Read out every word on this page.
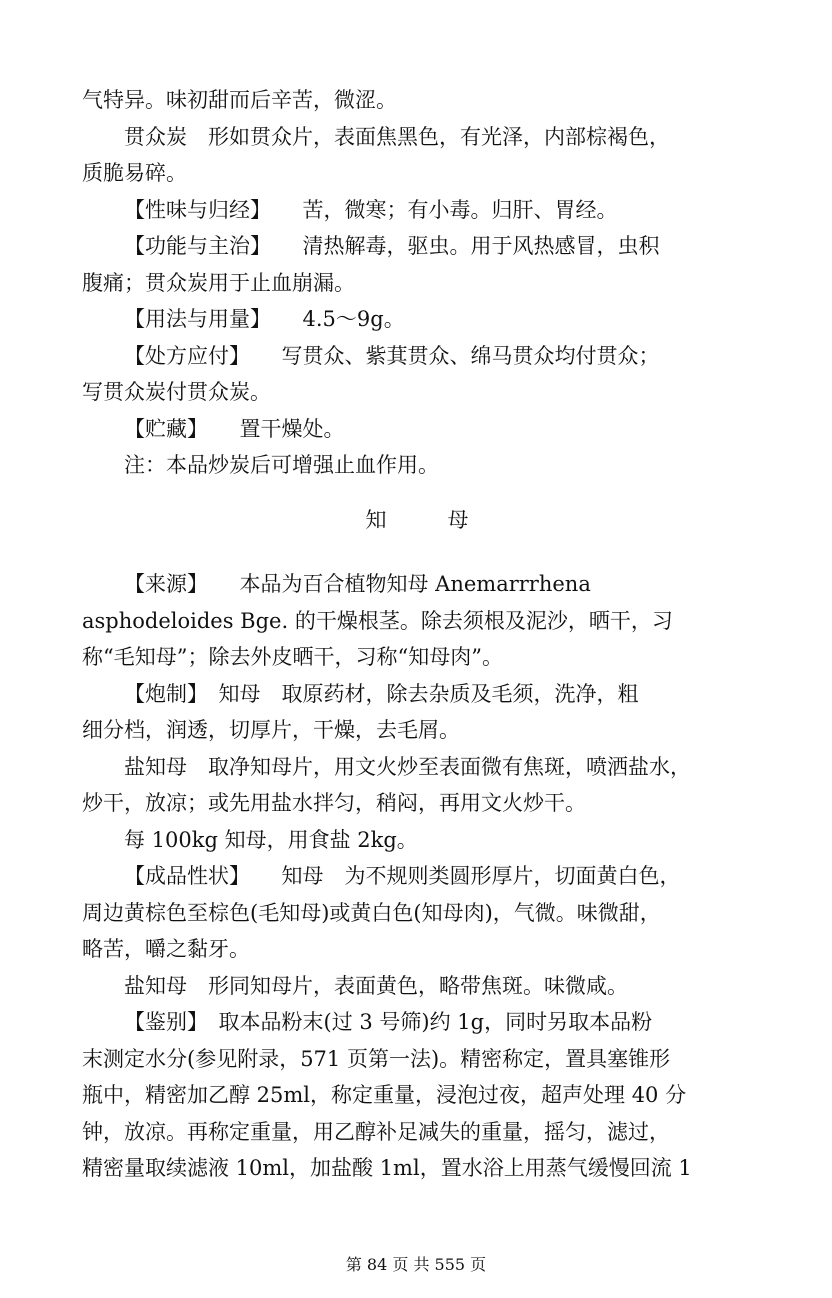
气特异。味初甜而后辛苦，微涩。
贯众炭　形如贯众片，表面焦黑色，有光泽，内部棕褐色，
质脆易碎。
【性味与归经】　　苦，微寒；有小毒。归肝、胃经。
【功能与主治】　　清热解毒，驱虫。用于风热感冒，虫积
腹痛；贯众炭用于止血崩漏。
【用法与用量】　　4.5～9g。
【处方应付】　　写贯众、紫萁贯众、绵马贯众均付贯众；
写贯众炭付贯众炭。
【贮藏】　　置干燥处。
注：本品炒炭后可增强止血作用。
知　母
【来源】　　本品为百合植物知母 Anemarrrhena
asphodeloides Bge. 的干燥根茎。除去须根及泥沙，晒干，习
称“毛知母”；除去外皮晒干，习称“知母肉”。
【炮制】　知母　取原药材，除去杂质及毛须，洗净，粗
细分档，润透，切厚片，干燥，去毛屑。
盐知母　取净知母片，用文火炒至表面微有焦斑，喷洒盐水，
炒干，放凉；或先用盐水拌匀，稍闷，再用文火炒干。
每 100kg 知母，用食盐 2kg。
【成品性状】　　知母　为不规则类圆形厚片，切面黄白色，
周边黄棕色至棕色(毛知母)或黄白色(知母肉)，气微。味微甜，
略苦，嚼之黏牙。
盐知母　形同知母片，表面黄色，略带焦斑。味微咸。
【鉴别】　取本品粉末(过 3 号筛)约 1g，同时另取本品粉
末测定水分(参见附录，571 页第一法)。精密称定，置具塞锥形
瓶中，精密加乙醇 25ml，称定重量，浸泡过夜，超声处理 40 分
钟，放凉。再称定重量，用乙醇补足减失的重量，摇匀，滤过，
精密量取续滤液 10ml，加盐酸 1ml，置水浴上用蒸气缓慢回流 1
第 84 页 共 555 页
